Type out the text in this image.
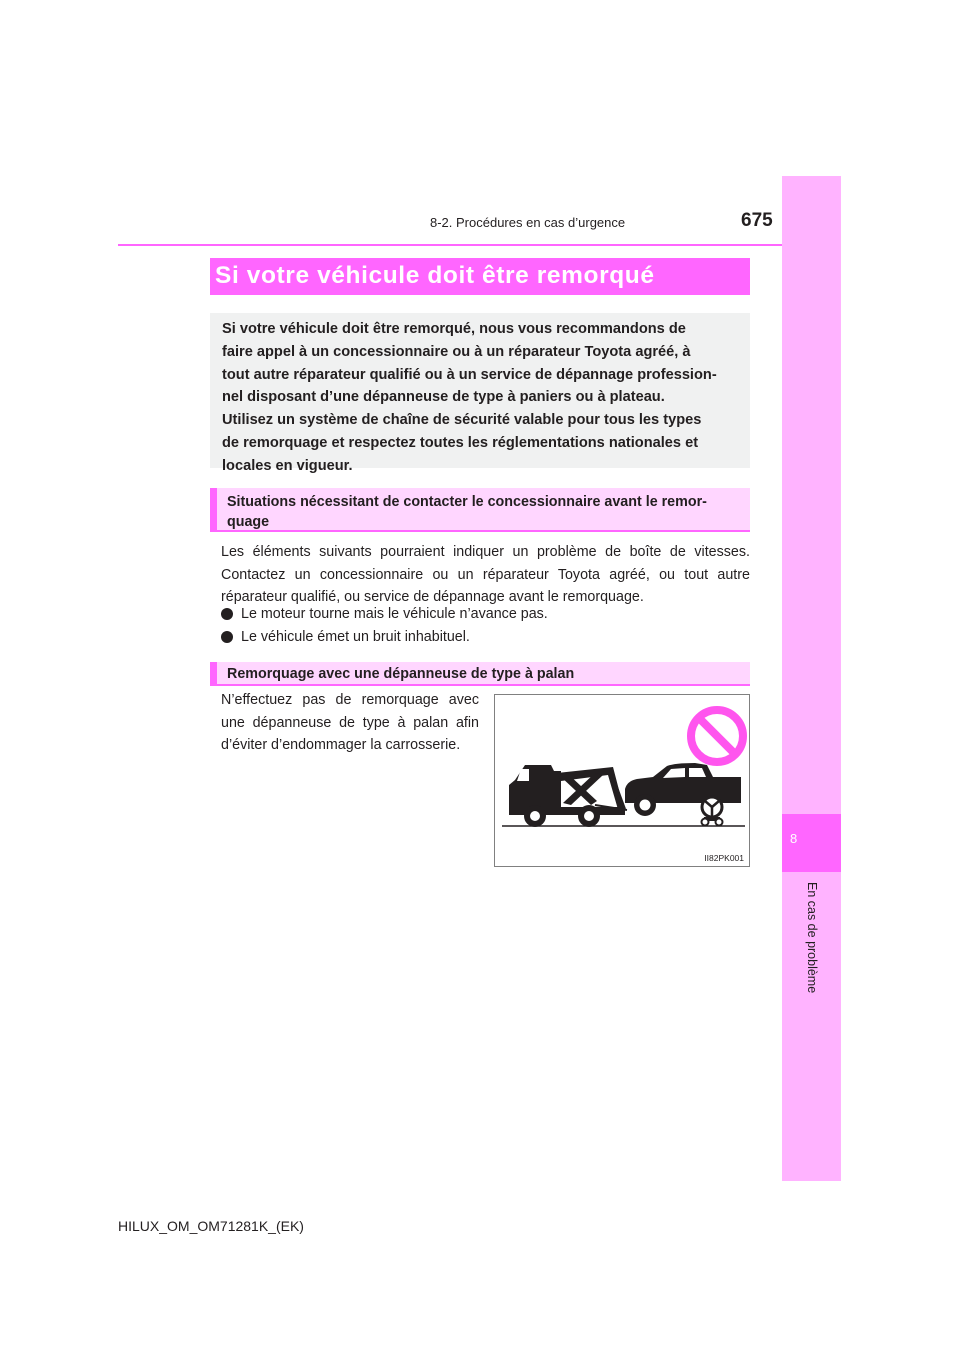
8-2. Procédures en cas d’urgence	675
8
En cas de problème
Si votre véhicule doit être remorqué

Si votre véhicule doit être remorqué, nous vous recommandons de
faire appel à un concessionnaire ou à un réparateur Toyota agréé, à
tout autre réparateur qualifié ou à un service de dépannage profession-
nel disposant d’une dépanneuse de type à paniers ou à plateau.
Utilisez un système de chaîne de sécurité valable pour tous les types
de remorquage et respectez toutes les réglementations nationales et
locales en vigueur.

Situations nécessitant de contacter le concessionnaire avant le remor-
quage

Les éléments suivants pourraient indiquer un problème de boîte de vitesses. Contactez un concessionnaire ou un réparateur Toyota agréé, ou tout autre réparateur qualifié, ou service de dépannage avant le remorquage.

Le moteur tourne mais le véhicule n’avance pas.
Le véhicule émet un bruit inhabituel.
Remorquage avec une dépanneuse de type à palan

N’effectuez pas de remorquage avec une dépanneuse de type à palan afin d’éviter d’endommager la carrosserie.

II82PK001
HILUX_OM_OM71281K_(EK)
